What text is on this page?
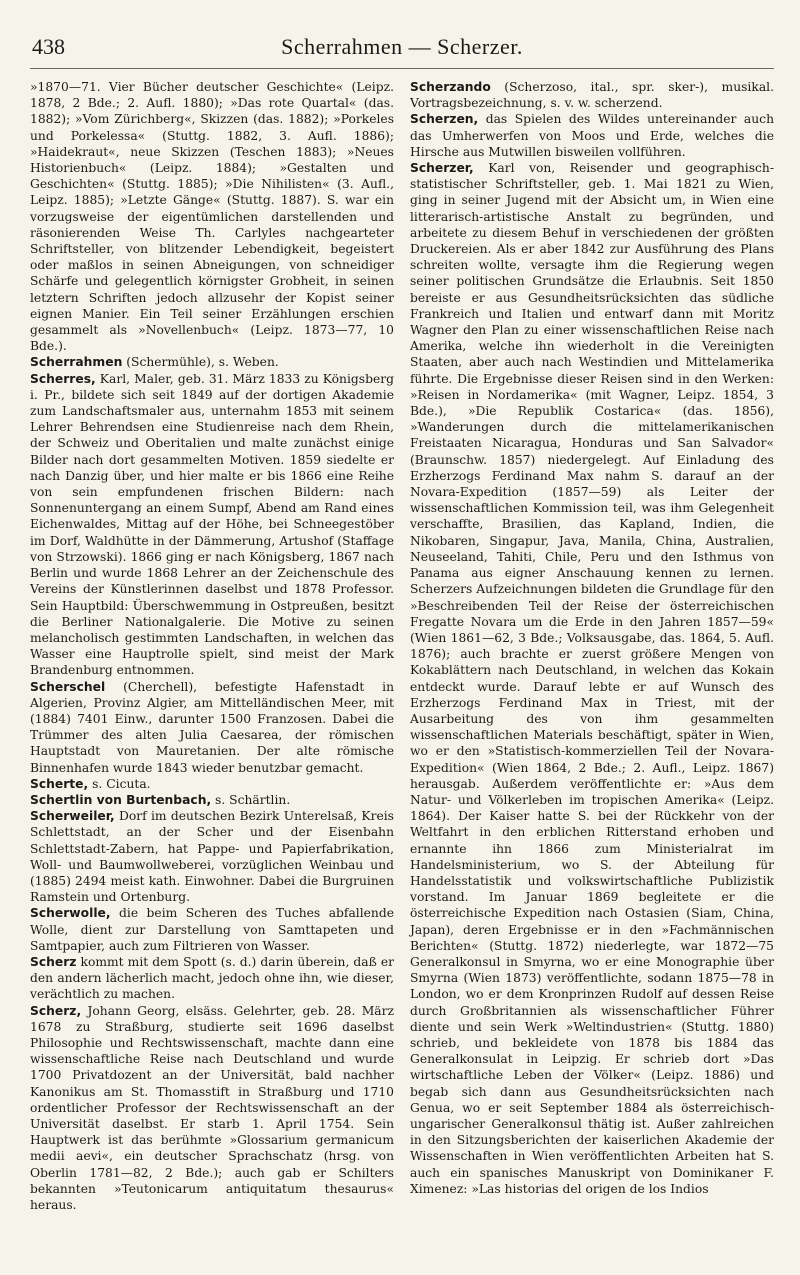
438	Scherrahmen — Scherzer.

»1870—71. Vier Bücher deutscher Geschichte« (Leipz. 1878, 2 Bde.; 2. Aufl. 1880); »Das rote Quartal« (das. 1882); »Vom Zürichberg«, Skizzen (das. 1882); »Porkeles und Porkelessa« (Stuttg. 1882, 3. Aufl. 1886); »Haidekraut«, neue Skizzen (Teschen 1883); »Neues Historienbuch« (Leipz. 1884); »Gestalten und Geschichten« (Stuttg. 1885); »Die Nihilisten« (3. Aufl., Leipz. 1885); »Letzte Gänge« (Stuttg. 1887). S. war ein vorzugsweise der eigentümlichen darstellenden und räsonierenden Weise Th. Carlyles nachgearteter Schriftsteller, von blitzender Lebendigkeit, begeistert oder maßlos in seinen Abneigungen, von schneidiger Schärfe und gelegentlich körnigster Grobheit, in seinen letztern Schriften jedoch allzusehr der Kopist seiner eignen Manier. Ein Teil seiner Erzählungen erschien gesammelt als »Novellenbuch« (Leipz. 1873—77, 10 Bde.).

Scherrahmen (Schermühle), s. Weben.

Scherres, Karl, Maler, geb. 31. März 1833 zu Königsberg i. Pr., bildete sich seit 1849 auf der dortigen Akademie zum Landschaftsmaler aus, unternahm 1853 mit seinem Lehrer Behrendsen eine Studienreise nach dem Rhein, der Schweiz und Oberitalien und malte zunächst einige Bilder nach dort gesammelten Motiven. 1859 siedelte er nach Danzig über, und hier malte er bis 1866 eine Reihe von sein empfundenen frischen Bildern: nach Sonnenuntergang an einem Sumpf, Abend am Rand eines Eichenwaldes, Mittag auf der Höhe, bei Schneegestöber im Dorf, Waldhütte in der Dämmerung, Artushof (Staffage von Strzowski). 1866 ging er nach Königsberg, 1867 nach Berlin und wurde 1868 Lehrer an der Zeichenschule des Vereins der Künstlerinnen daselbst und 1878 Professor. Sein Hauptbild: Überschwemmung in Ostpreußen, besitzt die Berliner Nationalgalerie. Die Motive zu seinen melancholisch gestimmten Landschaften, in welchen das Wasser eine Hauptrolle spielt, sind meist der Mark Brandenburg entnommen.

Scherschel (Cherchell), befestigte Hafenstadt in Algerien, Provinz Algier, am Mittelländischen Meer, mit (1884) 7401 Einw., darunter 1500 Franzosen. Dabei die Trümmer des alten Julia Caesarea, der römischen Hauptstadt von Mauretanien. Der alte römische Binnenhafen wurde 1843 wieder benutzbar gemacht.

Scherte, s. Cicuta.

Schertlin von Burtenbach, s. Schärtlin.

Scherweiler, Dorf im deutschen Bezirk Unterelsaß, Kreis Schlettstadt, an der Scher und der Eisenbahn Schlettstadt-Zabern, hat Pappe- und Papierfabrikation, Woll- und Baumwollweberei, vorzüglichen Weinbau und (1885) 2494 meist kath. Einwohner. Dabei die Burgruinen Ramstein und Ortenburg.

Scherwolle, die beim Scheren des Tuches abfallende Wolle, dient zur Darstellung von Samttapeten und Samtpapier, auch zum Filtrieren von Wasser.

Scherz kommt mit dem Spott (s. d.) darin überein, daß er den andern lächerlich macht, jedoch ohne ihn, wie dieser, verächtlich zu machen.

Scherz, Johann Georg, elsäss. Gelehrter, geb. 28. März 1678 zu Straßburg, studierte seit 1696 daselbst Philosophie und Rechtswissenschaft, machte dann eine wissenschaftliche Reise nach Deutschland und wurde 1700 Privatdozent an der Universität, bald nachher Kanonikus am St. Thomasstift in Straßburg und 1710 ordentlicher Professor der Rechtswissenschaft an der Universität daselbst. Er starb 1. April 1754. Sein Hauptwerk ist das berühmte »Glossarium germanicum medii aevi«, ein deutscher Sprachschatz (hrsg. von Oberlin 1781—82, 2 Bde.); auch gab er Schilters bekannten »Teutonicarum antiquitatum thesaurus« heraus.

Scherzando (Scherzoso, ital., spr. sker-), musikal. Vortragsbezeichnung, s. v. w. scherzend.

Scherzen, das Spielen des Wildes untereinander auch das Umherwerfen von Moos und Erde, welches die Hirsche aus Mutwillen bisweilen vollführen.

Scherzer, Karl von, Reisender und geographisch-statistischer Schriftsteller, geb. 1. Mai 1821 zu Wien, ging in seiner Jugend mit der Absicht um, in Wien eine litterarisch-artistische Anstalt zu begründen, und arbeitete zu diesem Behuf in verschiedenen der größten Druckereien. Als er aber 1842 zur Ausführung des Plans schreiten wollte, versagte ihm die Regierung wegen seiner politischen Grundsätze die Erlaubnis. Seit 1850 bereiste er aus Gesundheitsrücksichten das südliche Frankreich und Italien und entwarf dann mit Moritz Wagner den Plan zu einer wissenschaftlichen Reise nach Amerika, welche ihn wiederholt in die Vereinigten Staaten, aber auch nach Westindien und Mittelamerika führte. Die Ergebnisse dieser Reisen sind in den Werken: »Reisen in Nordamerika« (mit Wagner, Leipz. 1854, 3 Bde.), »Die Republik Costarica« (das. 1856), »Wanderungen durch die mittelamerikanischen Freistaaten Nicaragua, Honduras und San Salvador« (Braunschw. 1857) niedergelegt. Auf Einladung des Erzherzogs Ferdinand Max nahm S. darauf an der Novara-Expedition (1857—59) als Leiter der wissenschaftlichen Kommission teil, was ihm Gelegenheit verschaffte, Brasilien, das Kapland, Indien, die Nikobaren, Singapur, Java, Manila, China, Australien, Neuseeland, Tahiti, Chile, Peru und den Isthmus von Panama aus eigner Anschauung kennen zu lernen. Scherzers Aufzeichnungen bildeten die Grundlage für den »Beschreibenden Teil der Reise der österreichischen Fregatte Novara um die Erde in den Jahren 1857—59« (Wien 1861—62, 3 Bde.; Volksausgabe, das. 1864, 5. Aufl. 1876); auch brachte er zuerst größere Mengen von Kokablättern nach Deutschland, in welchen das Kokain entdeckt wurde. Darauf lebte er auf Wunsch des Erzherzogs Ferdinand Max in Triest, mit der Ausarbeitung des von ihm gesammelten wissenschaftlichen Materials beschäftigt, später in Wien, wo er den »Statistisch-kommerziellen Teil der Novara-Expedition« (Wien 1864, 2 Bde.; 2. Aufl., Leipz. 1867) herausgab. Außerdem veröffentlichte er: »Aus dem Natur- und Völkerleben im tropischen Amerika« (Leipz. 1864). Der Kaiser hatte S. bei der Rückkehr von der Weltfahrt in den erblichen Ritterstand erhoben und ernannte ihn 1866 zum Ministerialrat im Handelsministerium, wo S. der Abteilung für Handelsstatistik und volkswirtschaftliche Publizistik vorstand. Im Januar 1869 begleitete er die österreichische Expedition nach Ostasien (Siam, China, Japan), deren Ergebnisse er in den »Fachmännischen Berichten« (Stuttg. 1872) niederlegte, war 1872—75 Generalkonsul in Smyrna, wo er eine Monographie über Smyrna (Wien 1873) veröffentlichte, sodann 1875—78 in London, wo er dem Kronprinzen Rudolf auf dessen Reise durch Großbritannien als wissenschaftlicher Führer diente und sein Werk »Weltindustrien« (Stuttg. 1880) schrieb, und bekleidete von 1878 bis 1884 das Generalkonsulat in Leipzig. Er schrieb dort »Das wirtschaftliche Leben der Völker« (Leipz. 1886) und begab sich dann aus Gesundheitsrücksichten nach Genua, wo er seit September 1884 als österreichisch-ungarischer Generalkonsul thätig ist. Außer zahlreichen in den Sitzungsberichten der kaiserlichen Akademie der Wissenschaften in Wien veröffentlichten Arbeiten hat S. auch ein spanisches Manuskript von Dominikaner F. Ximenez: »Las historias del origen de los Indios
